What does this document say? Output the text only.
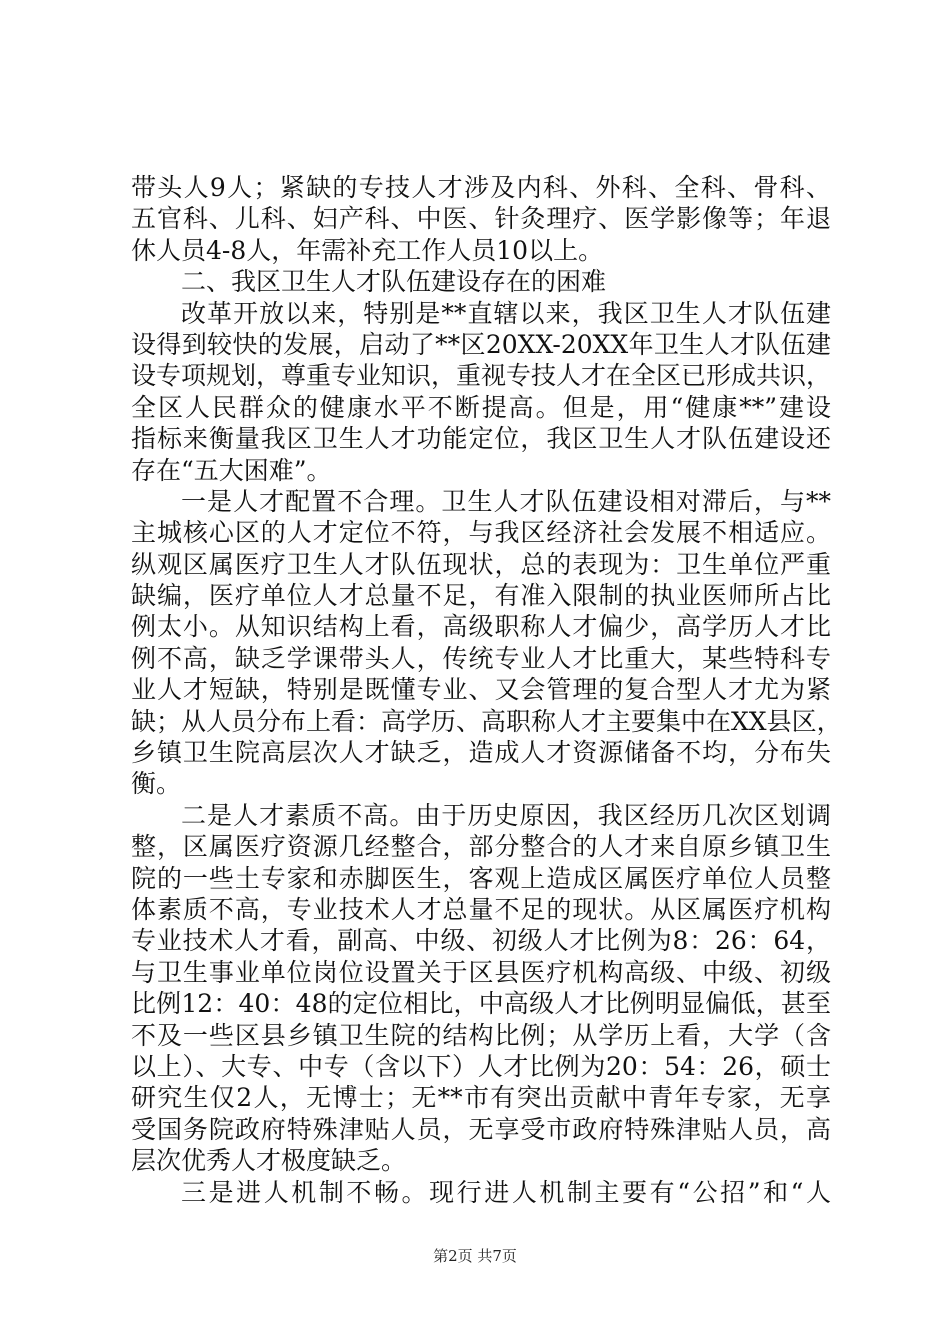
带头人9人；紧缺的专技人才涉及内科、外科、全科、骨科、
五官科、儿科、妇产科、中医、针灸理疗、医学影像等；年退
休人员4-8人，年需补充工作人员10以上。
二、我区卫生人才队伍建设存在的困难
改革开放以来，特别是**直辖以来，我区卫生人才队伍建
设得到较快的发展，启动了**区20XX-20XX年卫生人才队伍建
设专项规划，尊重专业知识，重视专技人才在全区已形成共识，
全区人民群众的健康水平不断提高。但是，用“健康**”建设
指标来衡量我区卫生人才功能定位，我区卫生人才队伍建设还
存在“五大困难”。
一是人才配置不合理。卫生人才队伍建设相对滞后，与**
主城核心区的人才定位不符，与我区经济社会发展不相适应。
纵观区属医疗卫生人才队伍现状，总的表现为：卫生单位严重
缺编，医疗单位人才总量不足，有准入限制的执业医师所占比
例太小。从知识结构上看，高级职称人才偏少，高学历人才比
例不高，缺乏学课带头人，传统专业人才比重大，某些特科专
业人才短缺，特别是既懂专业、又会管理的复合型人才尤为紧
缺；从人员分布上看：高学历、高职称人才主要集中在XX县区，
乡镇卫生院高层次人才缺乏，造成人才资源储备不均，分布失
衡。
二是人才素质不高。由于历史原因，我区经历几次区划调
整，区属医疗资源几经整合，部分整合的人才来自原乡镇卫生
院的一些土专家和赤脚医生，客观上造成区属医疗单位人员整
体素质不高，专业技术人才总量不足的现状。从区属医疗机构
专业技术人才看，副高、中级、初级人才比例为8：26：64，
与卫生事业单位岗位设置关于区县医疗机构高级、中级、初级
比例12：40：48的定位相比，中高级人才比例明显偏低，甚至
不及一些区县乡镇卫生院的结构比例；从学历上看，大学（含
以上）、大专、中专（含以下）人才比例为20：54：26，硕士
研究生仅2人，无博士；无**市有突出贡献中青年专家，无享
受国务院政府特殊津贴人员，无享受市政府特殊津贴人员，高
层次优秀人才极度缺乏。
三是进人机制不畅。现行进人机制主要有“公招”和“人
第2页 共7页
